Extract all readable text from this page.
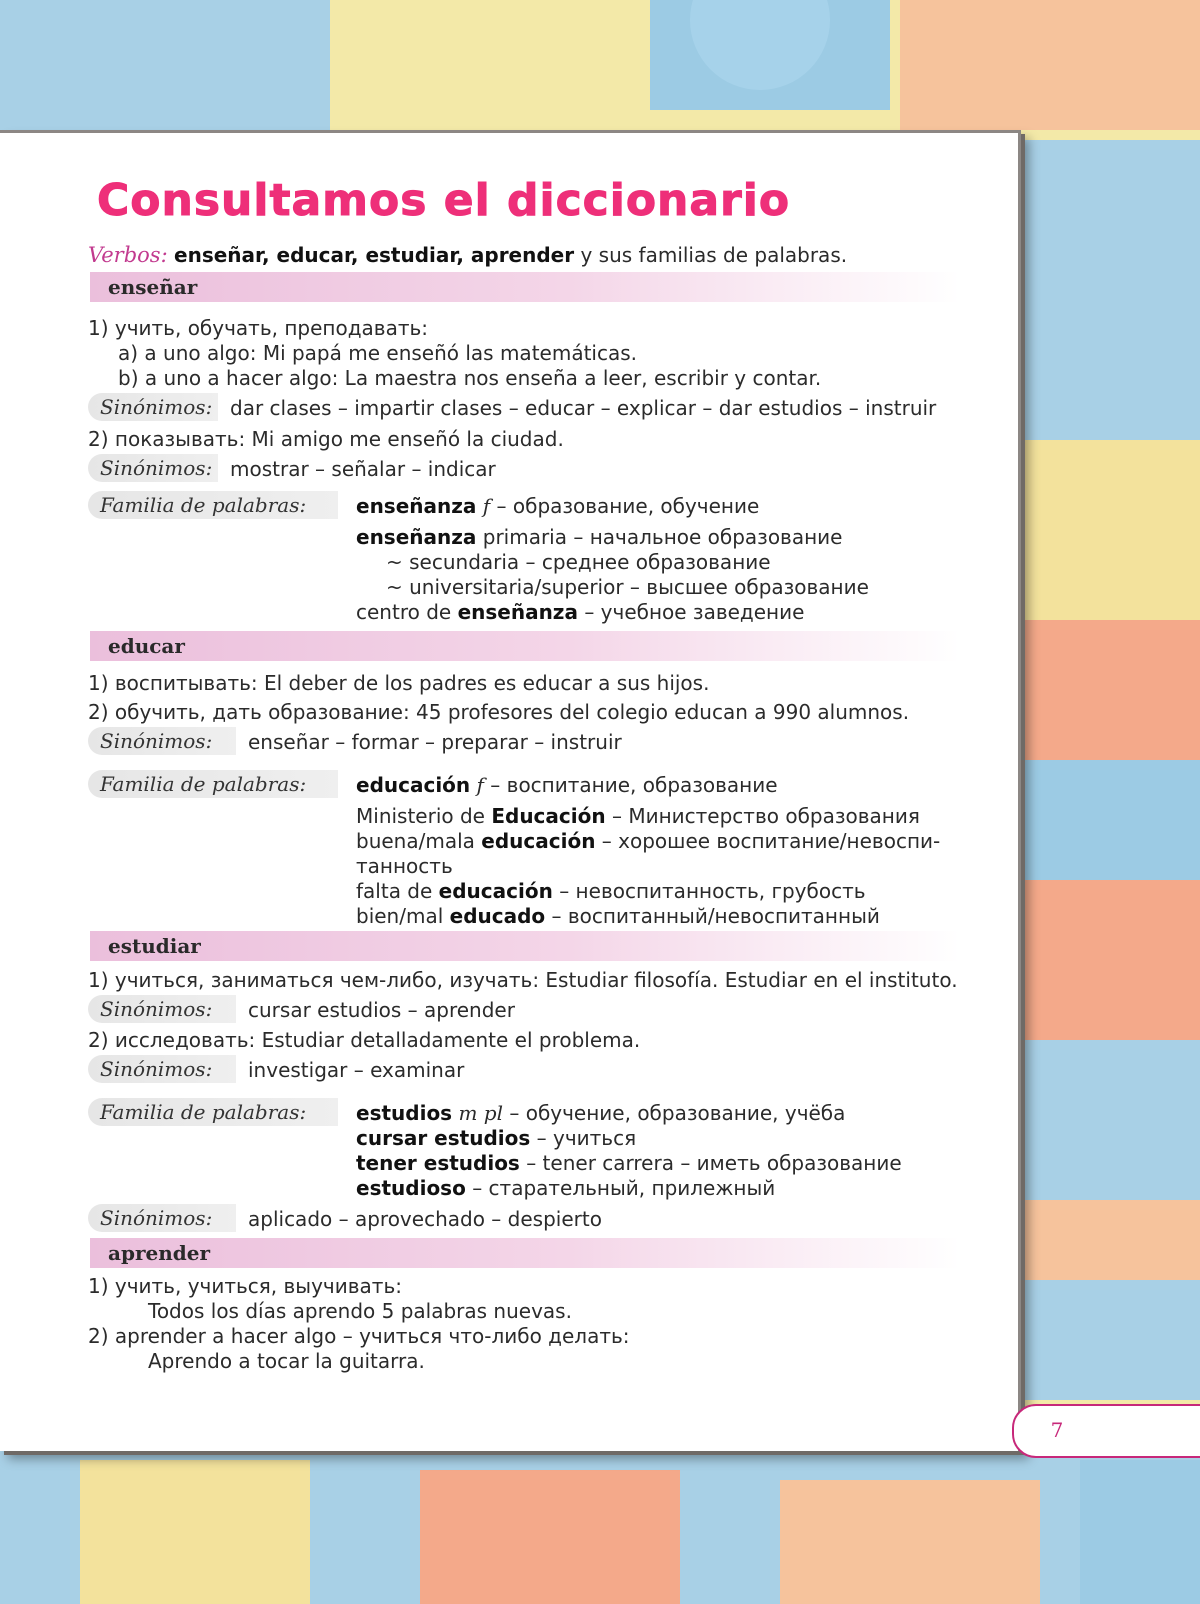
Consultamos el diccionario
Verbos: enseñar, educar, estudiar, aprender y sus familias de palabras.
enseñar
1) учить, обучать, преподавать:
a) a uno algo: Mi papá me enseñó las matemáticas.
b) a uno a hacer algo: La maestra nos enseña a leer, escribir y contar.
Sinónimos: dar clases – impartir clases – educar – explicar – dar estudios – instruir
2) показывать: Mi amigo me enseñó la ciudad.
Sinónimos: mostrar – señalar – indicar
Familia de palabras:	enseñanza f – образование, обучение
enseñanza primaria – начальное образование
~ secundaria – среднее образование
~ universitaria/superior – высшее образование
centro de enseñanza – учебное заведение
educar
1) воспитывать: El deber de los padres es educar a sus hijos.
2) обучить, дать образование: 45 profesores del colegio educan a 990 alumnos.
Sinónimos:	enseñar – formar – preparar – instruir
Familia de palabras:	educación f – воспитание, образование
Ministerio de Educación – Министерство образования
buena/mala educación – хорошее воспитание/невоспи-
танность
falta de educación – невоспитанность, грубость
bien/mal educado – воспитанный/невоспитанный
estudiar
1) учиться, заниматься чем-либо, изучать: Estudiar filosofía. Estudiar en el instituto.
Sinónimos:	cursar estudios – aprender
2) исследовать: Estudiar detalladamente el problema.
Sinónimos:	investigar – examinar
Familia de palabras:	estudios m pl – обучение, образование, учёба
cursar estudios – учиться
tener estudios – tener carrera – иметь образование
estudioso – старательный, прилежный
Sinónimos:	aplicado – aprovechado – despierto
aprender
1) учить, учиться, выучивать:
Todos los días aprendo 5 palabras nuevas.
2) aprender a hacer algo – учиться что-либо делать:
Aprendo a tocar la guitarra.
7
